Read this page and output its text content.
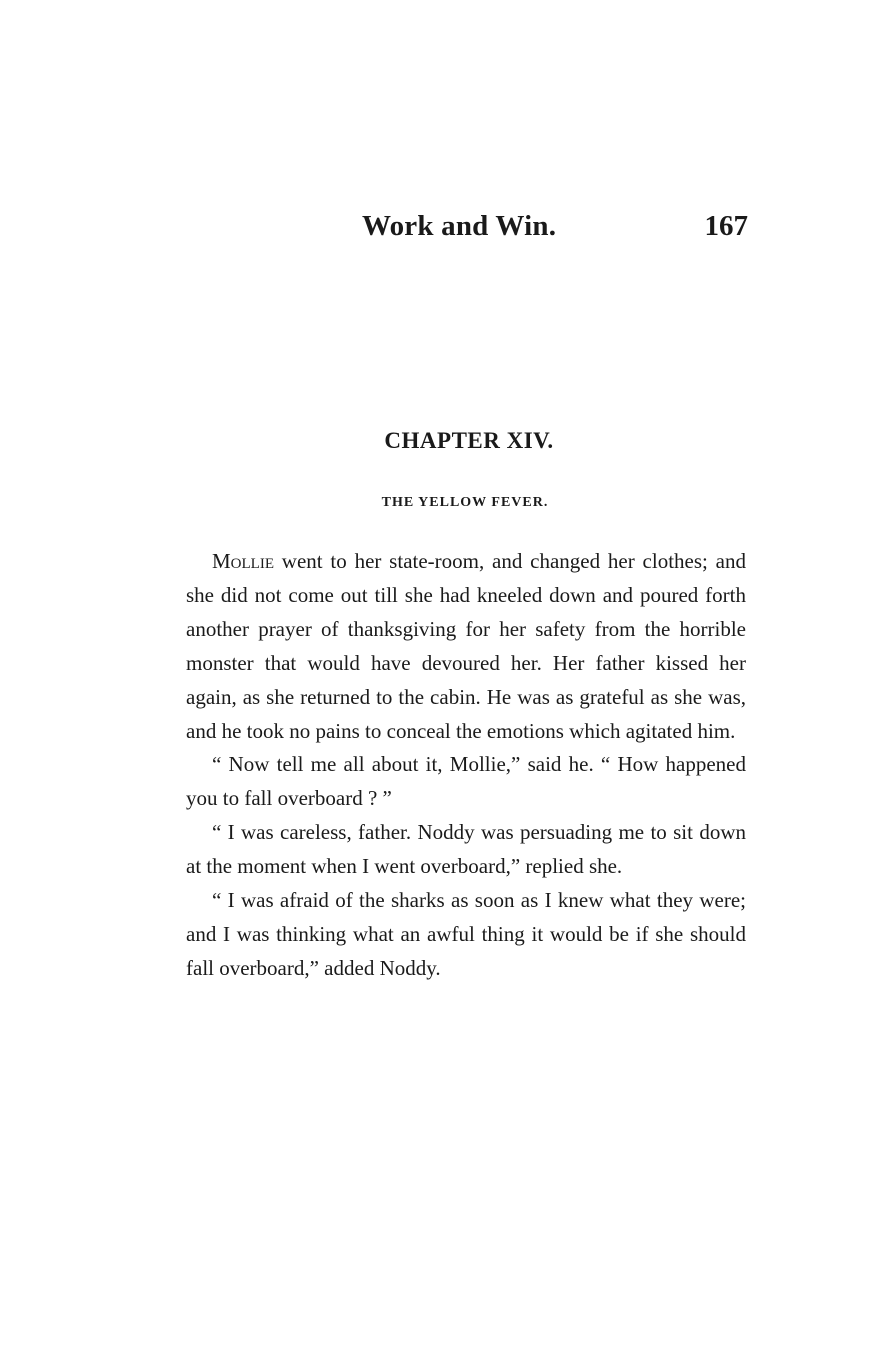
Work and Win.	167
CHAPTER XIV.
THE YELLOW FEVER.

Mollie went to her state-room, and changed her clothes; and she did not come out till she had kneeled down and poured forth another prayer of thanksgiving for her safety from the horrible monster that would have devoured her. Her father kissed her again, as she returned to the cabin. He was as grateful as she was, and he took no pains to conceal the emotions which agitated him.

“ Now tell me all about it, Mollie,” said he. “ How happened you to fall overboard ? ”

“ I was careless, father. Noddy was persuading me to sit down at the moment when I went overboard,” replied she.

“ I was afraid of the sharks as soon as I knew what they were; and I was thinking what an awful thing it would be if she should fall overboard,” added Noddy.
